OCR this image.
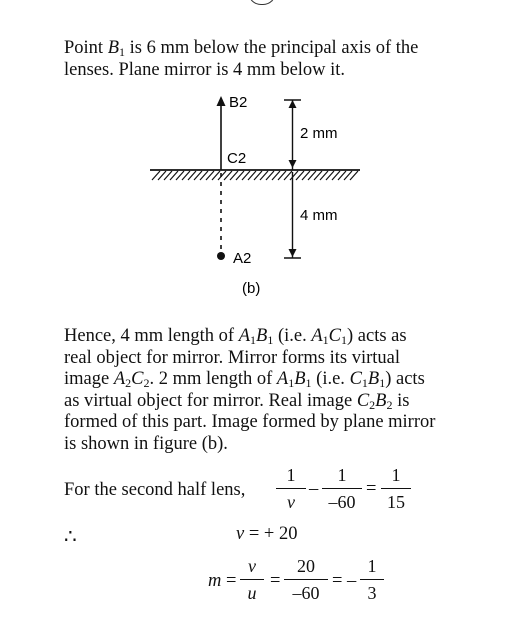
Point $B_1$ is 6 mm below the principal axis of the
lenses. Plane mirror is 4 mm below it.
B2
C2
A2
2 mm
4 mm
(b)
Hence, 4 mm length of $A_1B_1$ (i.e. $A_1C_1$) acts as
real object for mirror. Mirror forms its virtual
image $A_2C_2$. 2 mm length of $A_1B_1$ (i.e. $C_1B_1$) acts
as virtual object for mirror. Real image $C_2B_2$ is
formed of this part. Image formed by plane mirror
is shown in figure (b).
For the second half lens,
1
v
–
1
–60
=
1
15
∴	v = + 20
m =
v
u
=
20
–60
= –
1
3
